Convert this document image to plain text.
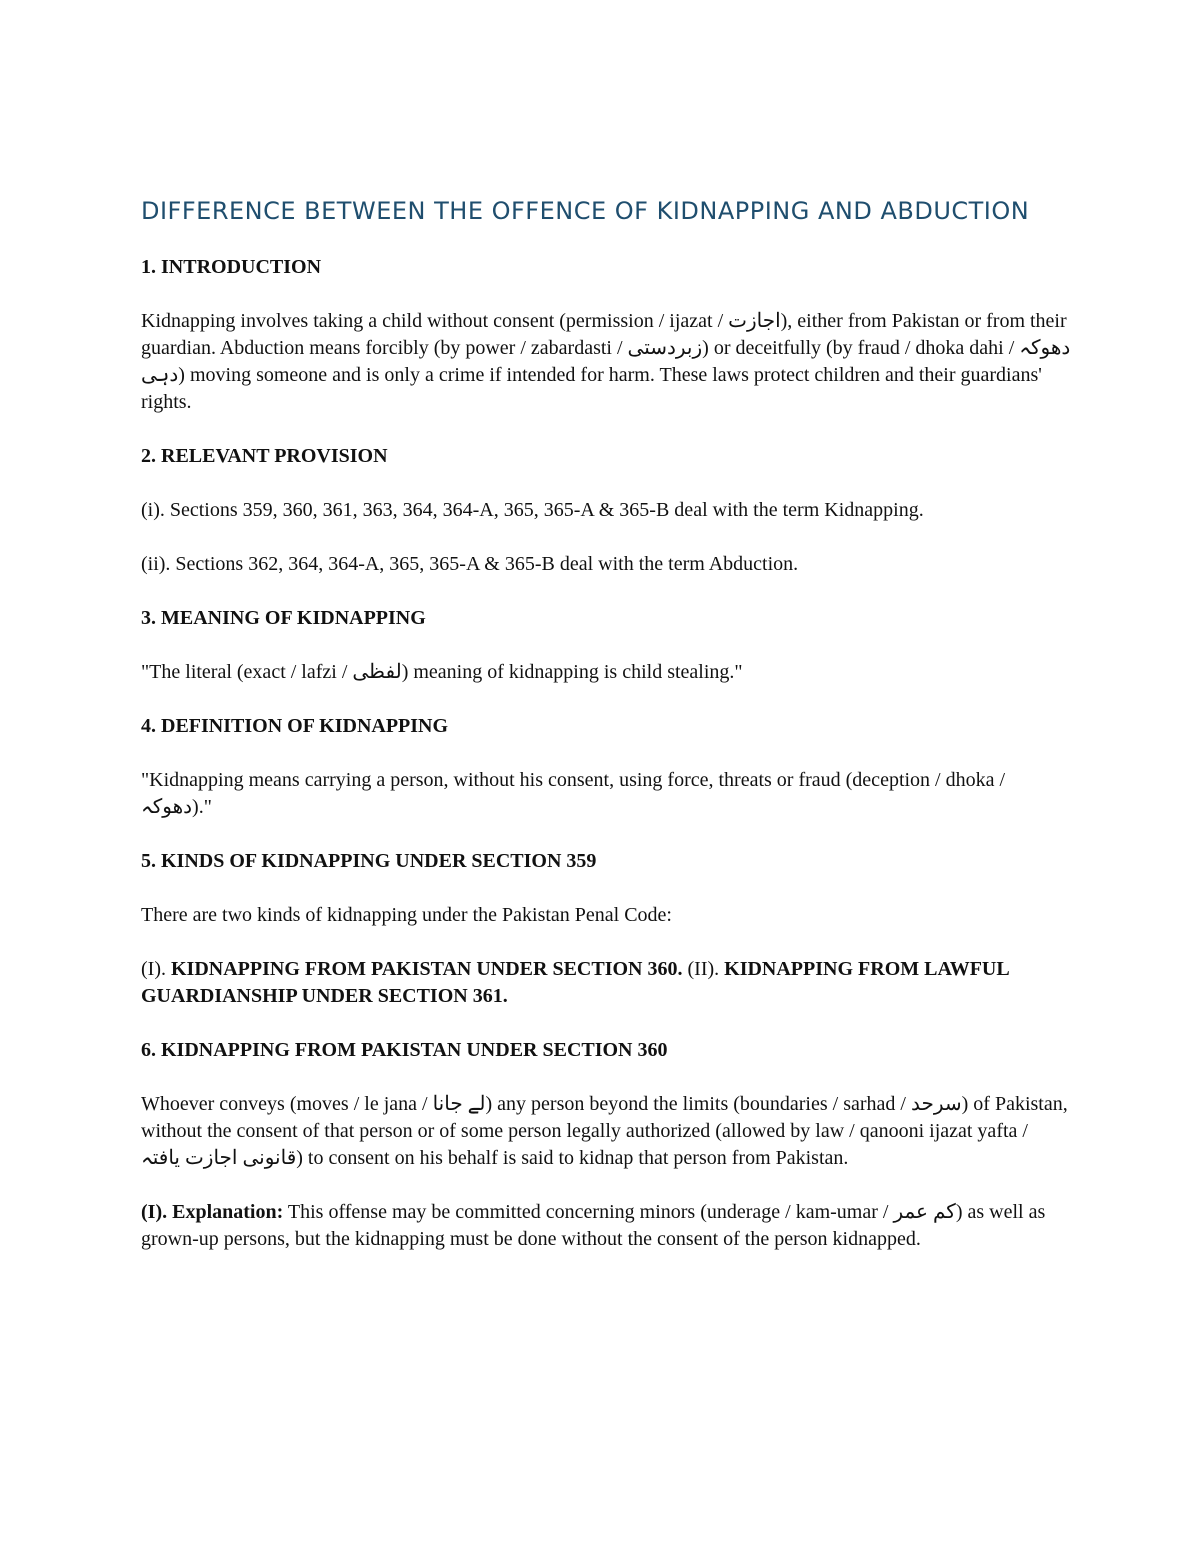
DIFFERENCE BETWEEN THE OFFENCE OF KIDNAPPING AND ABDUCTION
1. INTRODUCTION

Kidnapping involves taking a child without consent (permission / ijazat / اجازت), either from Pakistan or from their guardian. Abduction means forcibly (by power / zabardasti / زبردستی) or deceitfully (by fraud / dhoka dahi / دھوکہ دہی) moving someone and is only a crime if intended for harm. These laws protect children and their guardians' rights.

2. RELEVANT PROVISION

(i). Sections 359, 360, 361, 363, 364, 364-A, 365, 365-A & 365-B deal with the term Kidnapping.

(ii). Sections 362, 364, 364-A, 365, 365-A & 365-B deal with the term Abduction.

3. MEANING OF KIDNAPPING

"The literal (exact / lafzi / لفظی) meaning of kidnapping is child stealing."

4. DEFINITION OF KIDNAPPING

"Kidnapping means carrying a person, without his consent, using force, threats or fraud (deception / dhoka / دھوکہ)."

5. KINDS OF KIDNAPPING UNDER SECTION 359

There are two kinds of kidnapping under the Pakistan Penal Code:

(I). KIDNAPPING FROM PAKISTAN UNDER SECTION 360. (II). KIDNAPPING FROM LAWFUL GUARDIANSHIP UNDER SECTION 361.

6. KIDNAPPING FROM PAKISTAN UNDER SECTION 360

Whoever conveys (moves / le jana / لے جانا) any person beyond the limits (boundaries / sarhad / سرحد) of Pakistan, without the consent of that person or of some person legally authorized (allowed by law / qanooni ijazat yafta / قانونی اجازت یافتہ) to consent on his behalf is said to kidnap that person from Pakistan.

(I). Explanation: This offense may be committed concerning minors (underage / kam-umar / کم عمر) as well as grown-up persons, but the kidnapping must be done without the consent of the person kidnapped.
